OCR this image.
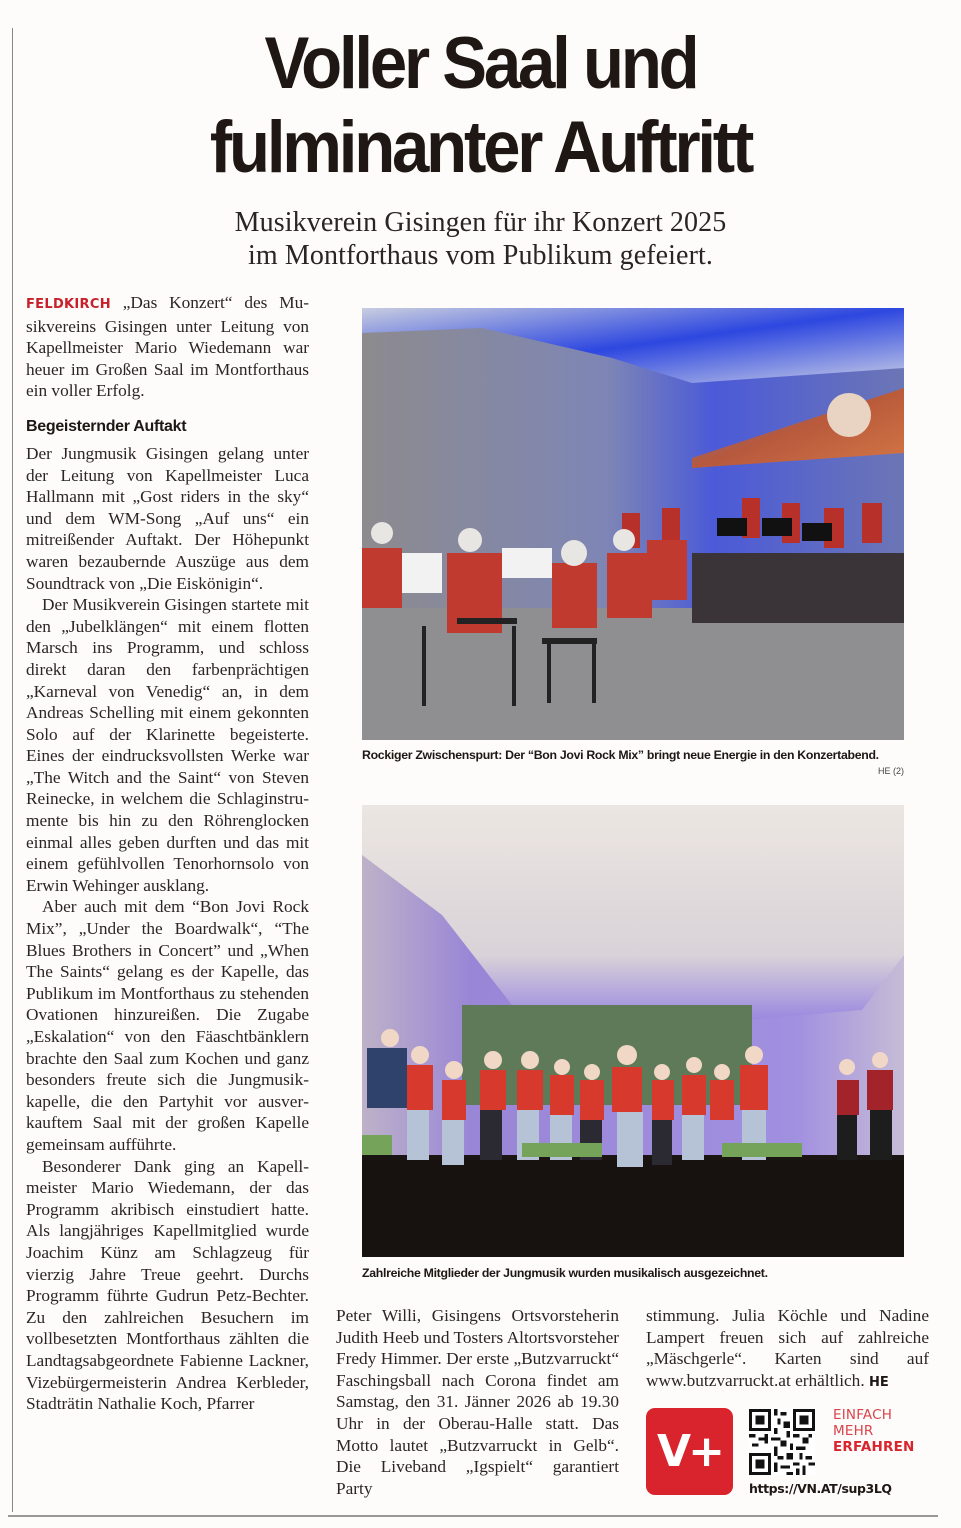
Voller Saal und
fulminanter Auftritt
Musikverein Gisingen für ihr Konzert 2025
im Montforthaus vom Publikum gefeiert.

FELDKIRCH „Das Konzert“ des Musikvereins Gisingen unter Leitung von Kapellmeister Mario Wiedemann war heuer im Großen Saal im Montforthaus ein voller Erfolg.

Begeisternder Auftakt

Der Jungmusik Gisingen gelang unter der Leitung von Kapellmeister Luca Hallmann mit „Gost riders in the sky“ und dem WM-Song „Auf uns“ ein mitreißender Auftakt. Der Höhepunkt waren bezaubernde Auszüge aus dem Soundtrack von „Die Eiskönigin“.

Der Musikverein Gisingen startete mit den „Jubelklängen“ mit einem flotten Marsch ins Programm, und schloss direkt daran den farbenprächtigen „Karneval von Venedig“ an, in dem Andreas Schelling mit einem gekonnten Solo auf der Klarinette begeisterte. Eines der eindrucksvollsten Werke war „The Witch and the Saint“ von Steven Reinecke, in welchem die Schlaginstrumente bis hin zu den Röhrenglocken einmal alles geben durften und das mit einem gefühlvollen Tenorhornsolo von Erwin Wehinger ausklang.

Aber auch mit dem “Bon Jovi Rock Mix”, „Under the Boardwalk“, “The Blues Brothers in Concert” und „When The Saints“ gelang es der Kapelle, das Publikum im Montforthaus zu stehenden Ovationen hinzureißen. Die Zugabe „Eskalation“ von den Fäaschtbänklern brachte den Saal zum Kochen und ganz besonders freute sich die Jungmusikkapelle, die den Partyhit vor ausverkauftem Saal mit der großen Kapelle gemeinsam aufführte.

Besonderer Dank ging an Kapellmeister Mario Wiedemann, der das Programm akribisch einstudiert hatte. Als langjähriges Kapellmitglied wurde Joachim Künz am Schlagzeug für vierzig Jahre Treue geehrt. Durchs Programm führte Gudrun Petz-Bechter. Zu den zahlreichen Besuchern im vollbesetzten Montforthaus zählten die Landtagsabgeordnete Fabienne Lackner, Vizebürgermeisterin Andrea Kerbleder, Stadträtin Nathalie Koch, Pfarrer

Rockiger Zwischenspurt: Der “Bon Jovi Rock Mix” bringt neue Energie in den Konzertabend.
HE (2)
Zahlreiche Mitglieder der Jungmusik wurden musikalisch ausgezeichnet.

Peter Willi, Gisingens Ortsvorsteherin Judith Heeb und Tosters Altortsvorsteher Fredy Himmer. Der erste „Butzvarruckt“ Faschingsball nach Corona findet am Samstag, den 31. Jänner 2026 ab 19.30 Uhr in der Oberau-Halle statt. Das Motto lautet „Butzvarruckt in Gelb“. Die Liveband „Igspielt“ garantiert Party

stimmung. Julia Köchle und Nadine Lampert freuen sich auf zahlreiche „Mäschgerle“. Karten sind auf www.butzvarruckt.at erhältlich. HE

V+
EINFACH
MEHR
ERFAHREN
https://VN.AT/sup3LQ
